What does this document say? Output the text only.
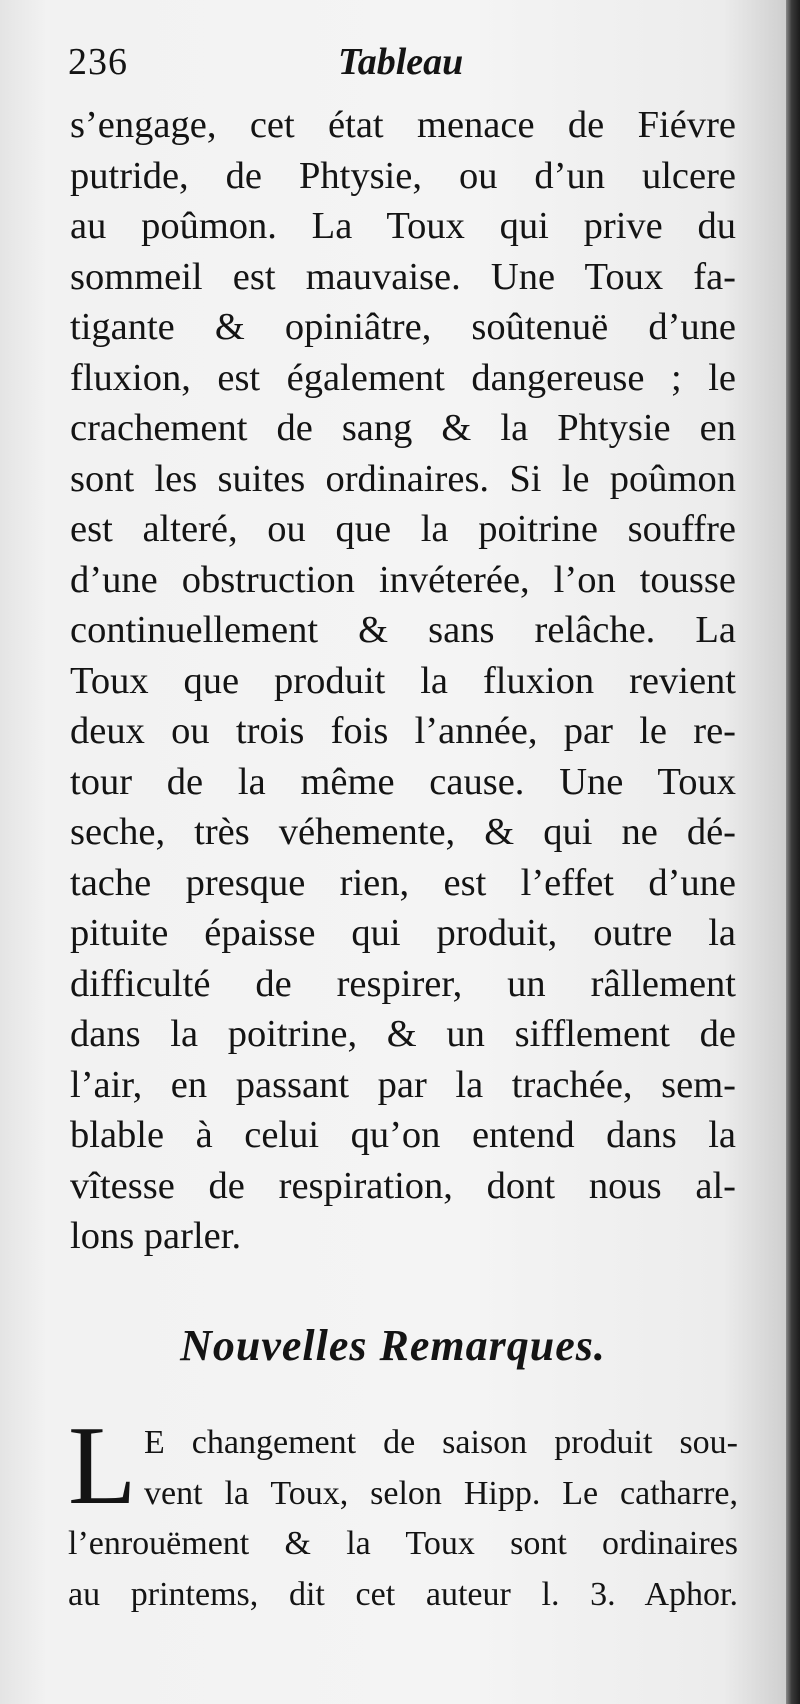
236	Tableau
s’engage, cet état menace de Fiévre
putride, de Phtysie, ou d’un ulcere
au poûmon. La Toux qui prive du
sommeil est mauvaise. Une Toux fa-
tigante & opiniâtre, soûtenuë d’une
fluxion, est également dangereuse ; le
crachement de sang & la Phtysie en
sont les suites ordinaires. Si le poûmon
est alteré, ou que la poitrine souffre
d’une obstruction invéterée, l’on tousse
continuellement & sans relâche. La
Toux que produit la fluxion revient
deux ou trois fois l’année, par le re-
tour de la même cause. Une Toux
seche, très véhemente, & qui ne dé-
tache presque rien, est l’effet d’une
pituite épaisse qui produit, outre la
difficulté de respirer, un râllement
dans la poitrine, & un sifflement de
l’air, en passant par la trachée, sem-
blable à celui qu’on entend dans la
vîtesse de respiration, dont nous al-
lons parler.
Nouvelles Remarques.
L E changement de saison produit sou-
vent la Toux, selon Hipp. Le catharre,
l’enrouëment & la Toux sont ordinaires
au printems, dit cet auteur l. 3. Aphor.
